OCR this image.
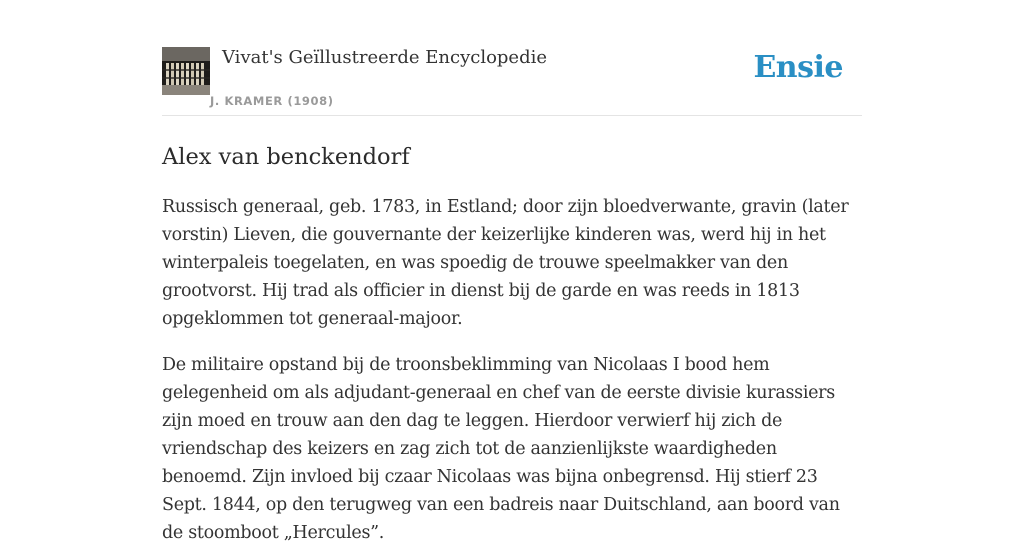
Vivat's Geïllustreerde Encyclopedie
J. KRAMER (1908)
Ensie
Alex van benckendorf

Russisch generaal, geb. 1783, in Estland; door zijn bloedverwante, gravin (later vorstin) Lieven, die gouvernante der keizerlijke kinderen was, werd hij in het winterpaleis toegelaten, en was spoedig de trouwe speelmakker van den grootvorst. Hij trad als officier in dienst bij de garde en was reeds in 1813 opgeklommen tot generaal-majoor.

De militaire opstand bij de troonsbeklimming van Nicolaas I bood hem gelegenheid om als adjudant-generaal en chef van de eerste divisie kurassiers zijn moed en trouw aan den dag te leggen. Hierdoor verwierf hij zich de vriendschap des keizers en zag zich tot de aanzienlijkste waardigheden benoemd. Zijn invloed bij czaar Nicolaas was bijna onbegrensd. Hij stierf 23 Sept. 1844, op den terugweg van een badreis naar Duitschland, aan boord van de stoomboot „Hercules”.
